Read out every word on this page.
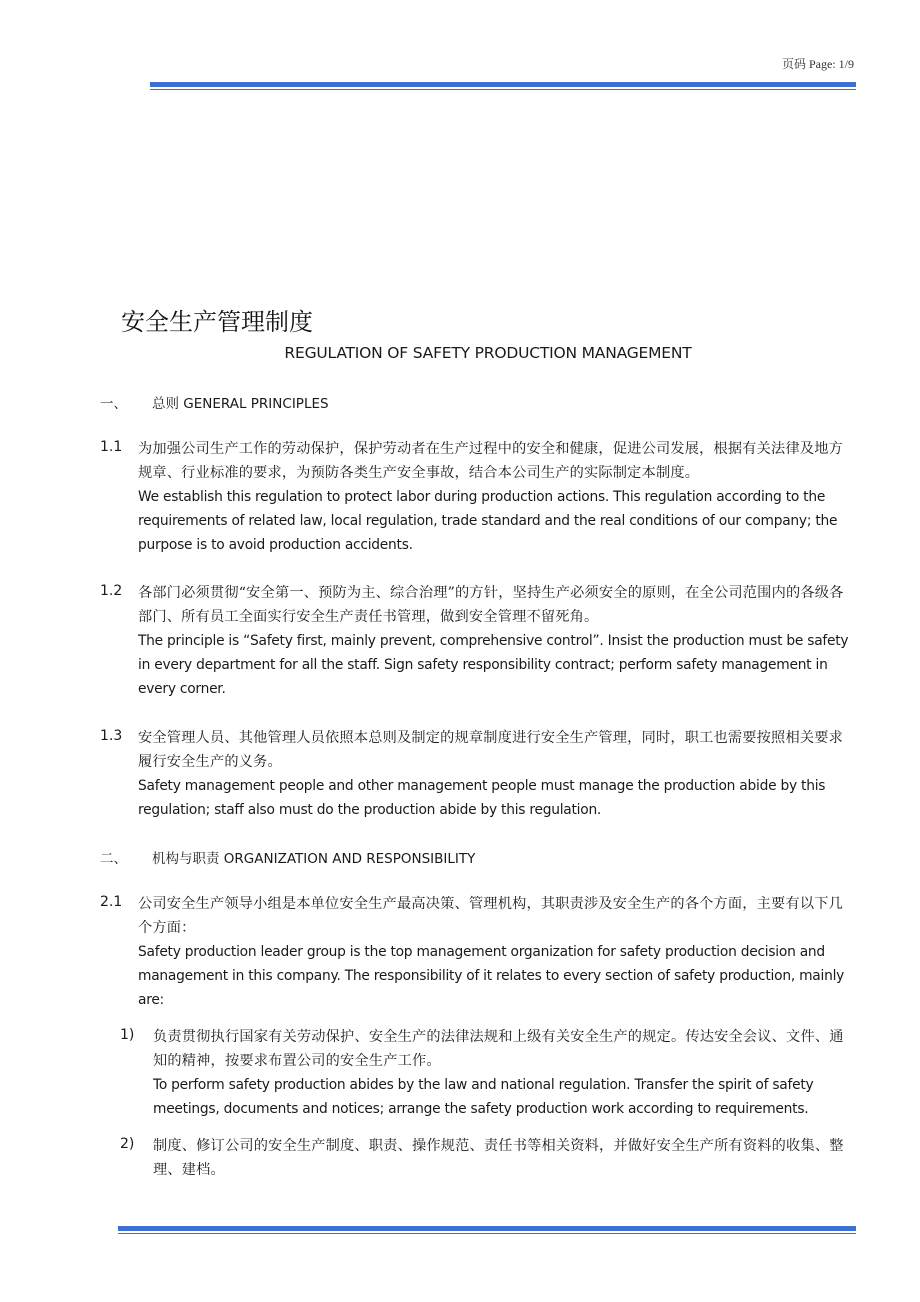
页码 Page: 1/9
安全生产管理制度
REGULATION OF SAFETY PRODUCTION MANAGEMENT
一、 总则 GENERAL PRINCIPLES
1.1 为加强公司生产工作的劳动保护，保护劳动者在生产过程中的安全和健康，促进公司发展，根据有关法律及地方规章、行业标准的要求，为预防各类生产安全事故，结合本公司生产的实际制定本制度。

We establish this regulation to protect labor during production actions. This regulation according to the requirements of related law, local regulation, trade standard and the real conditions of our company; the purpose is to avoid production accidents.

1.2 各部门必须贯彻“安全第一、预防为主、综合治理”的方针，坚持生产必须安全的原则，在全公司范围内的各级各部门、所有员工全面实行安全生产责任书管理，做到安全管理不留死角。

The principle is “Safety first, mainly prevent, comprehensive control”. Insist the production must be safety in every department for all the staff. Sign safety responsibility contract; perform safety management in every corner.

1.3 安全管理人员、其他管理人员依照本总则及制定的规章制度进行安全生产管理，同时，职工也需要按照相关要求履行安全生产的义务。

Safety management people and other management people must manage the production abide by this regulation; staff also must do the production abide by this regulation.

二、 机构与职责 ORGANIZATION AND RESPONSIBILITY
2.1 公司安全生产领导小组是本单位安全生产最高决策、管理机构，其职责涉及安全生产的各个方面，主要有以下几个方面：

Safety production leader group is the top management organization for safety production decision and management in this company. The responsibility of it relates to every section of safety production, mainly are:

1) 负责贯彻执行国家有关劳动保护、安全生产的法律法规和上级有关安全生产的规定。传达安全会议、文件、通知的精神，按要求布置公司的安全生产工作。

To perform safety production abides by the law and national regulation. Transfer the spirit of safety meetings, documents and notices; arrange the safety production work according to requirements.

2) 制度、修订公司的安全生产制度、职责、操作规范、责任书等相关资料，并做好安全生产所有资料的收集、整理、建档。
